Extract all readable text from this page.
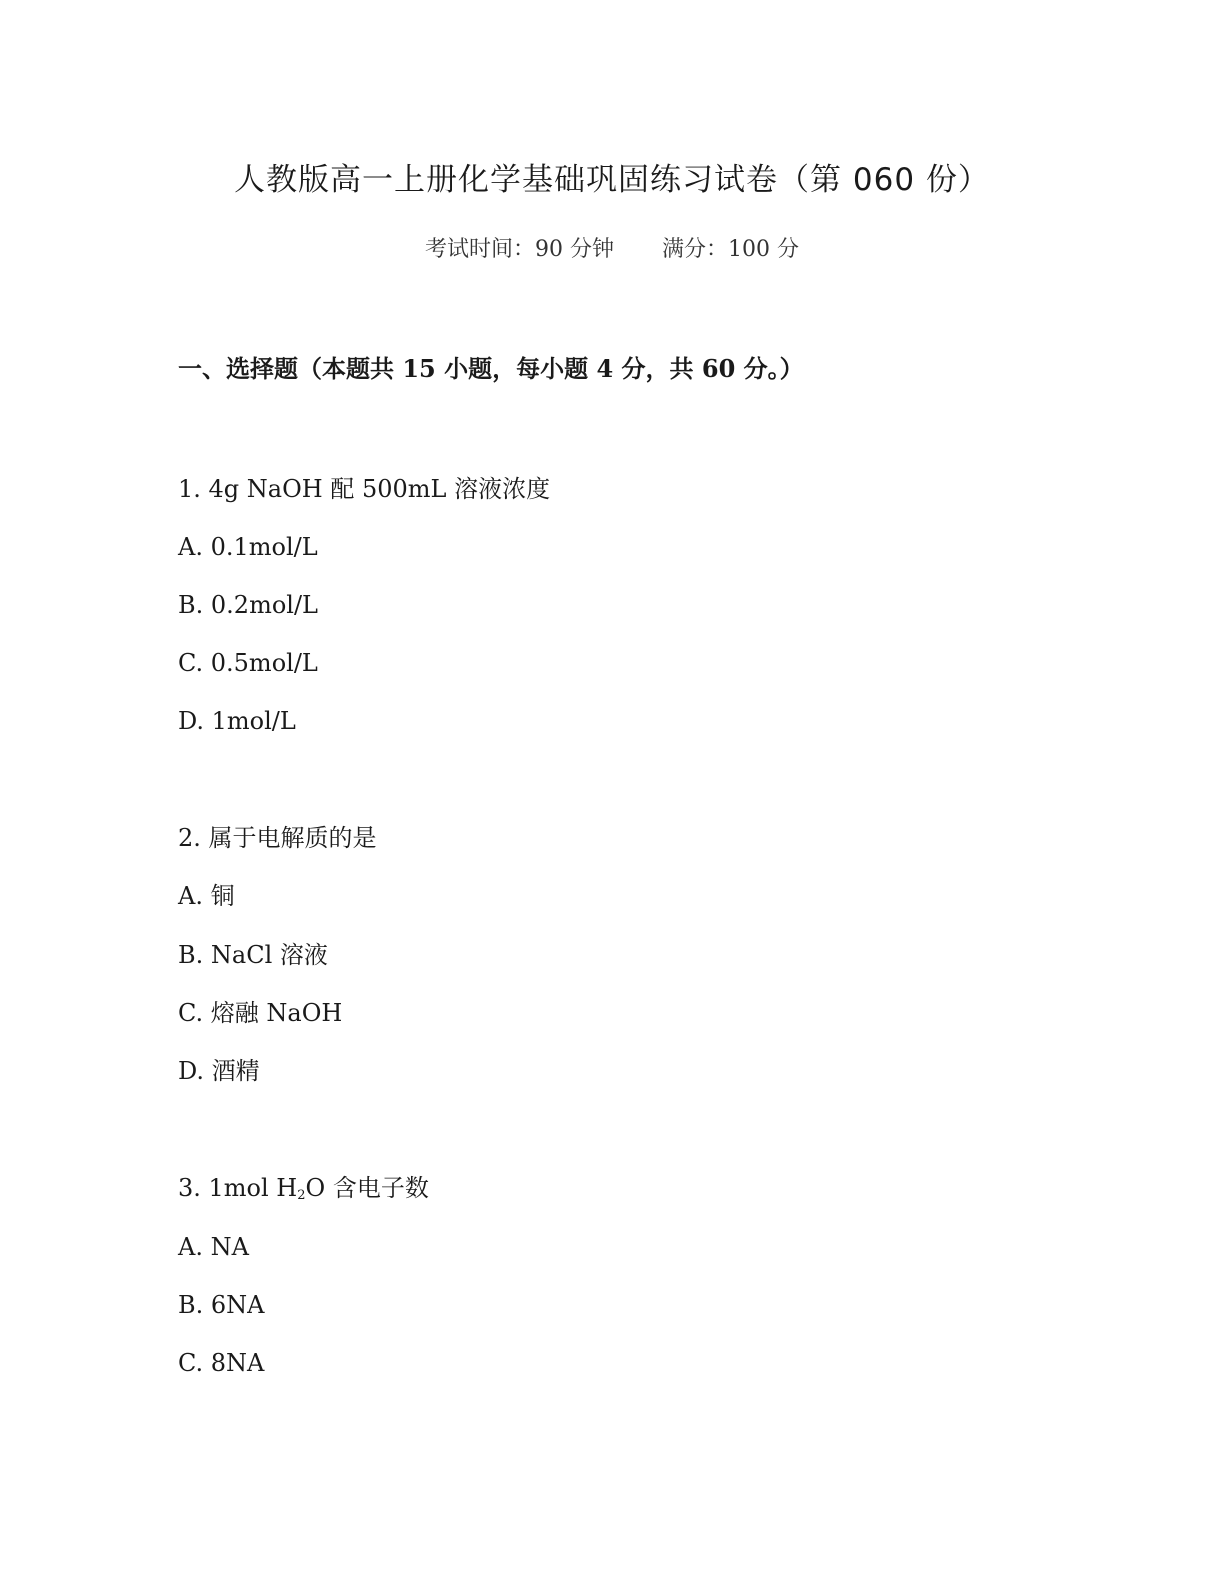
人教版高一上册化学基础巩固练习试卷（第 060 份）
考试时间：90 分钟 满分：100 分
一、选择题（本题共 15 小题，每小题 4 分，共 60 分。）
1. 4g NaOH 配 500mL 溶液浓度
A. 0.1mol/L
B. 0.2mol/L
C. 0.5mol/L
D. 1mol/L
2. 属于电解质的是
A. 铜
B. NaCl 溶液
C. 熔融 NaOH
D. 酒精
3. 1mol $H_2O$ 含电子数
A. NA
B. 6NA
C. 8NA
